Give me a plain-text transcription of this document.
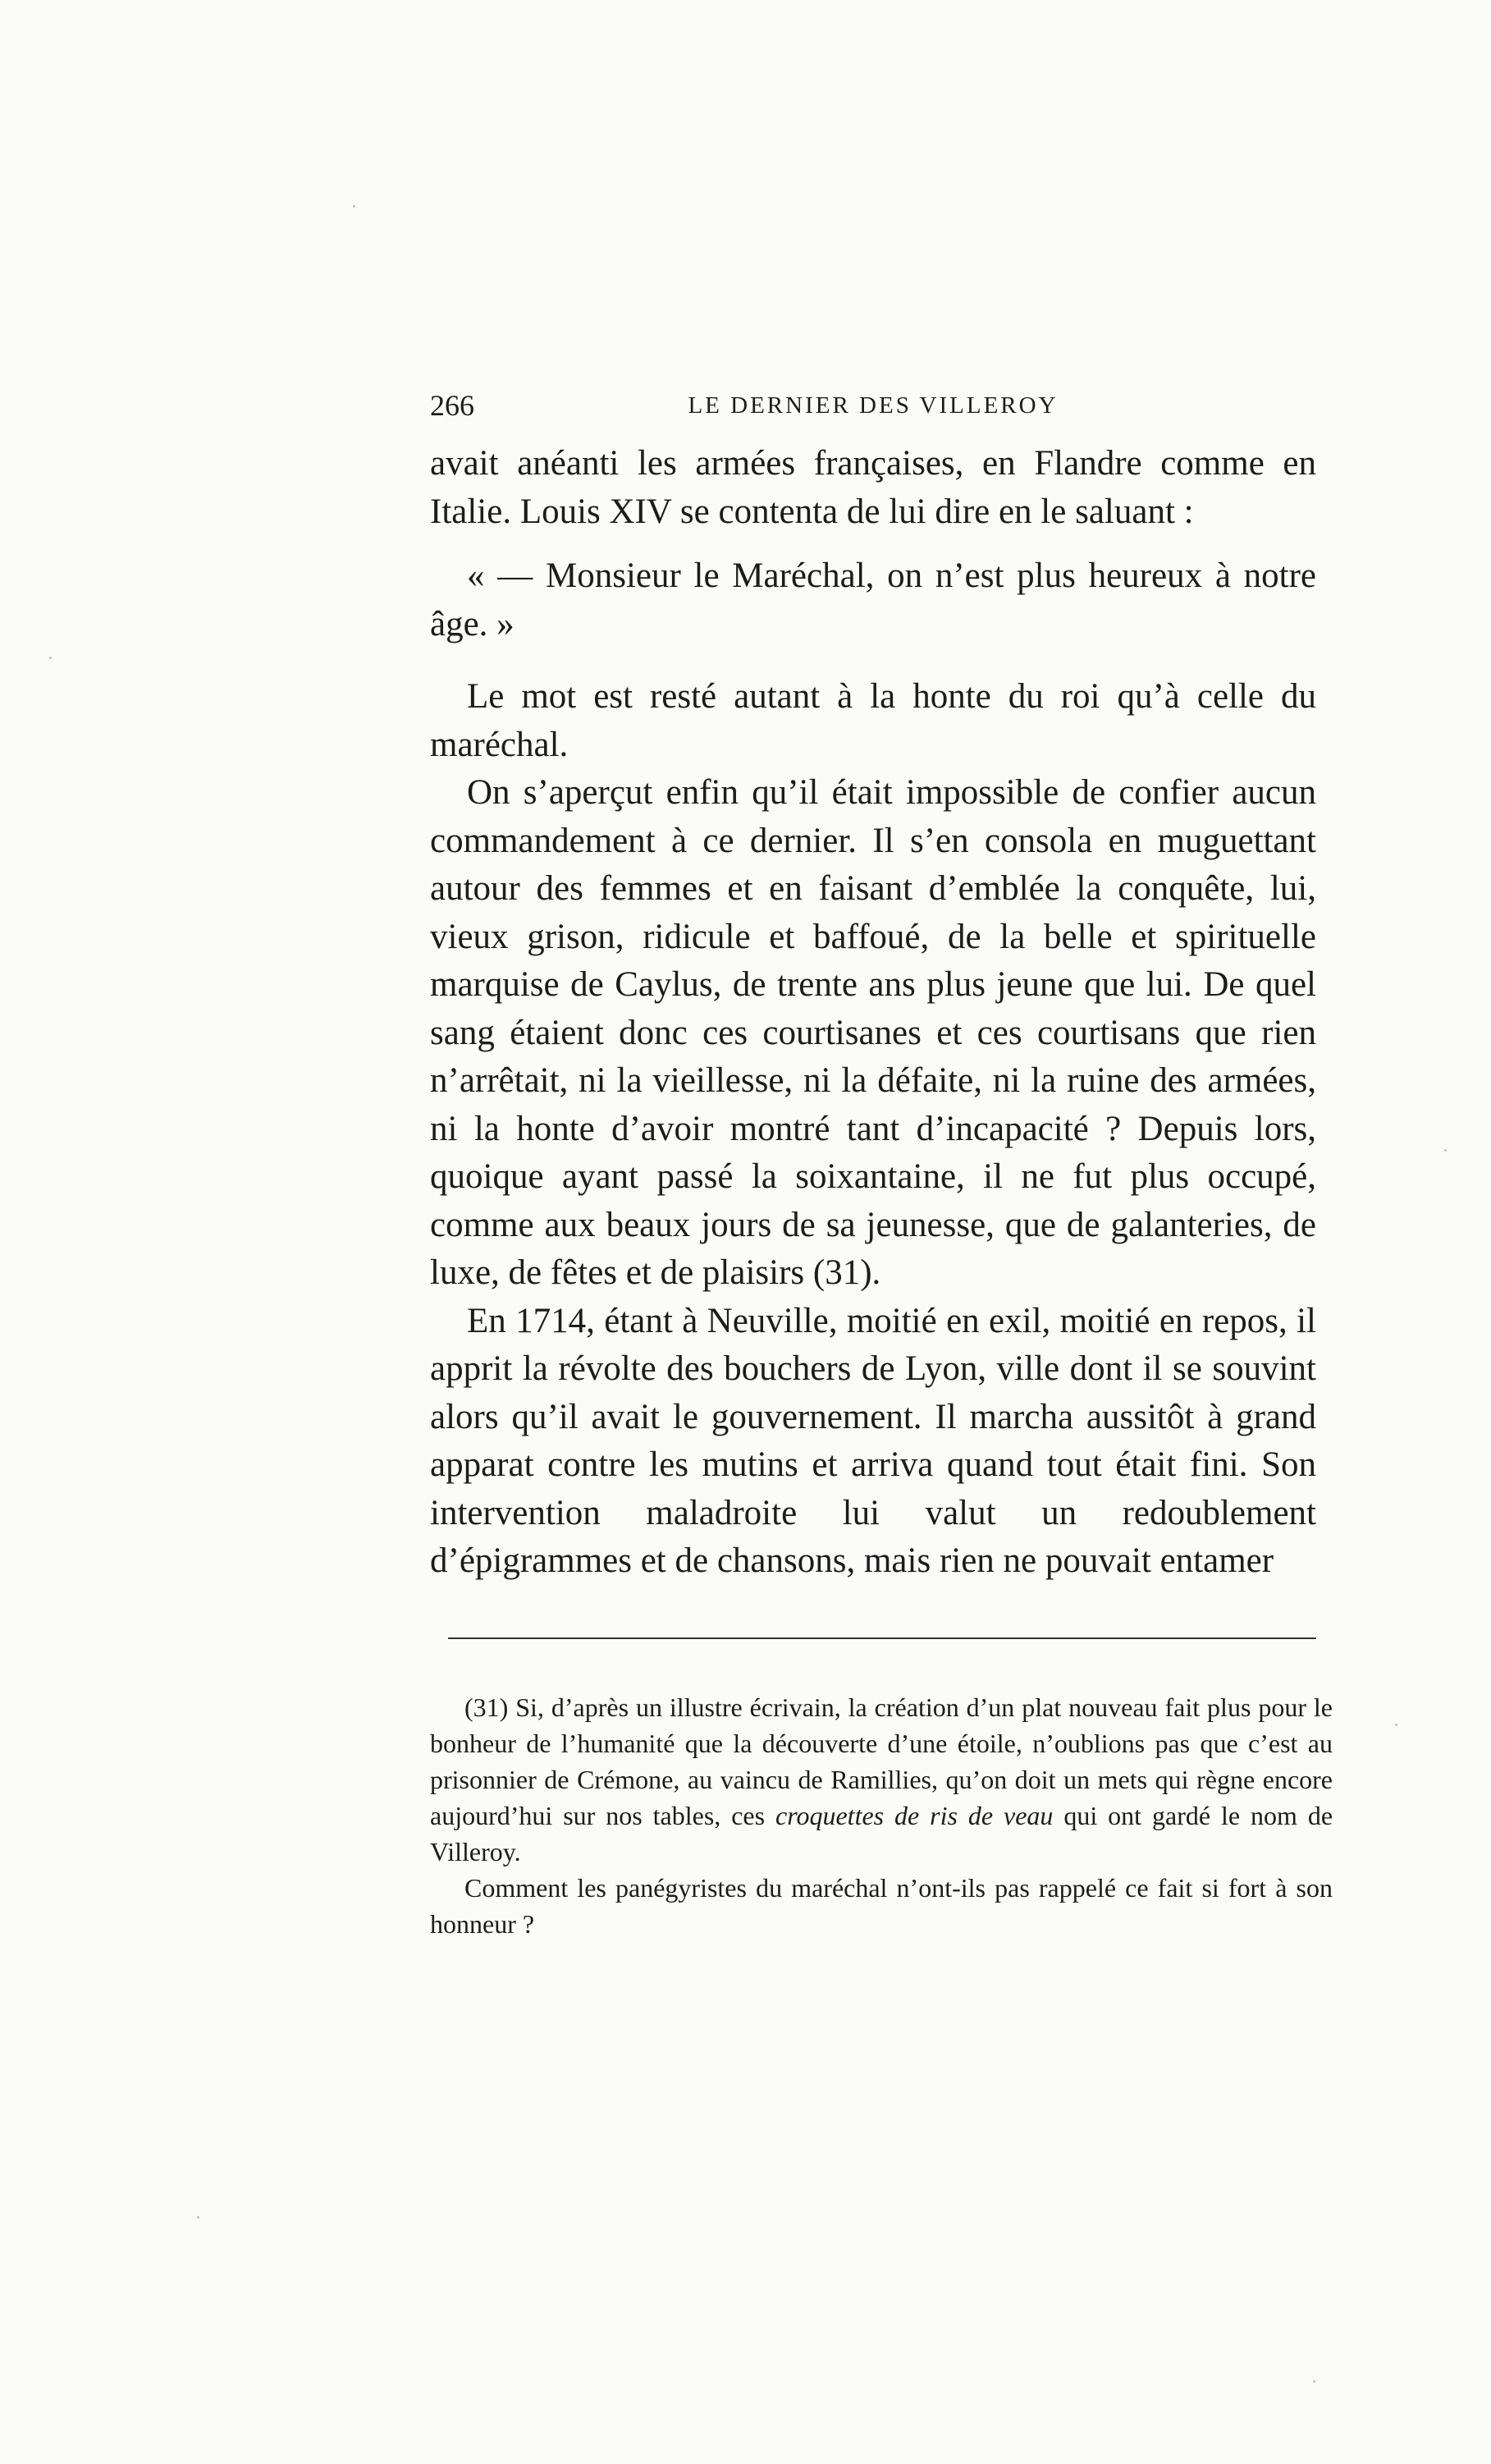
266	LE DERNIER DES VILLEROY

avait anéanti les armées françaises, en Flandre comme en Italie. Louis XIV se contenta de lui dire en le saluant :

« — Monsieur le Maréchal, on n’est plus heureux à notre âge. »

Le mot est resté autant à la honte du roi qu’à celle du maréchal.

On s’aperçut enfin qu’il était impossible de confier aucun commandement à ce dernier. Il s’en consola en muguettant autour des femmes et en faisant d’emblée la conquête, lui, vieux grison, ridicule et baffoué, de la belle et spirituelle marquise de Caylus, de trente ans plus jeune que lui. De quel sang étaient donc ces courtisanes et ces courtisans que rien n’arrêtait, ni la vieillesse, ni la défaite, ni la ruine des armées, ni la honte d’avoir montré tant d’incapacité ? Depuis lors, quoique ayant passé la soixantaine, il ne fut plus occupé, comme aux beaux jours de sa jeunesse, que de galanteries, de luxe, de fêtes et de plaisirs (31).

En 1714, étant à Neuville, moitié en exil, moitié en repos, il apprit la révolte des bouchers de Lyon, ville dont il se souvint alors qu’il avait le gouvernement. Il marcha aussitôt à grand apparat contre les mutins et arriva quand tout était fini. Son intervention maladroite lui valut un redoublement d’épigrammes et de chansons, mais rien ne pouvait entamer

(31) Si, d’après un illustre écrivain, la création d’un plat nouveau fait plus pour le bonheur de l’humanité que la découverte d’une étoile, n’oublions pas que c’est au prisonnier de Crémone, au vaincu de Ramillies, qu’on doit un mets qui règne encore aujourd’hui sur nos tables, ces croquettes de ris de veau qui ont gardé le nom de Villeroy.

Comment les panégyristes du maréchal n’ont-ils pas rappelé ce fait si fort à son honneur ?
